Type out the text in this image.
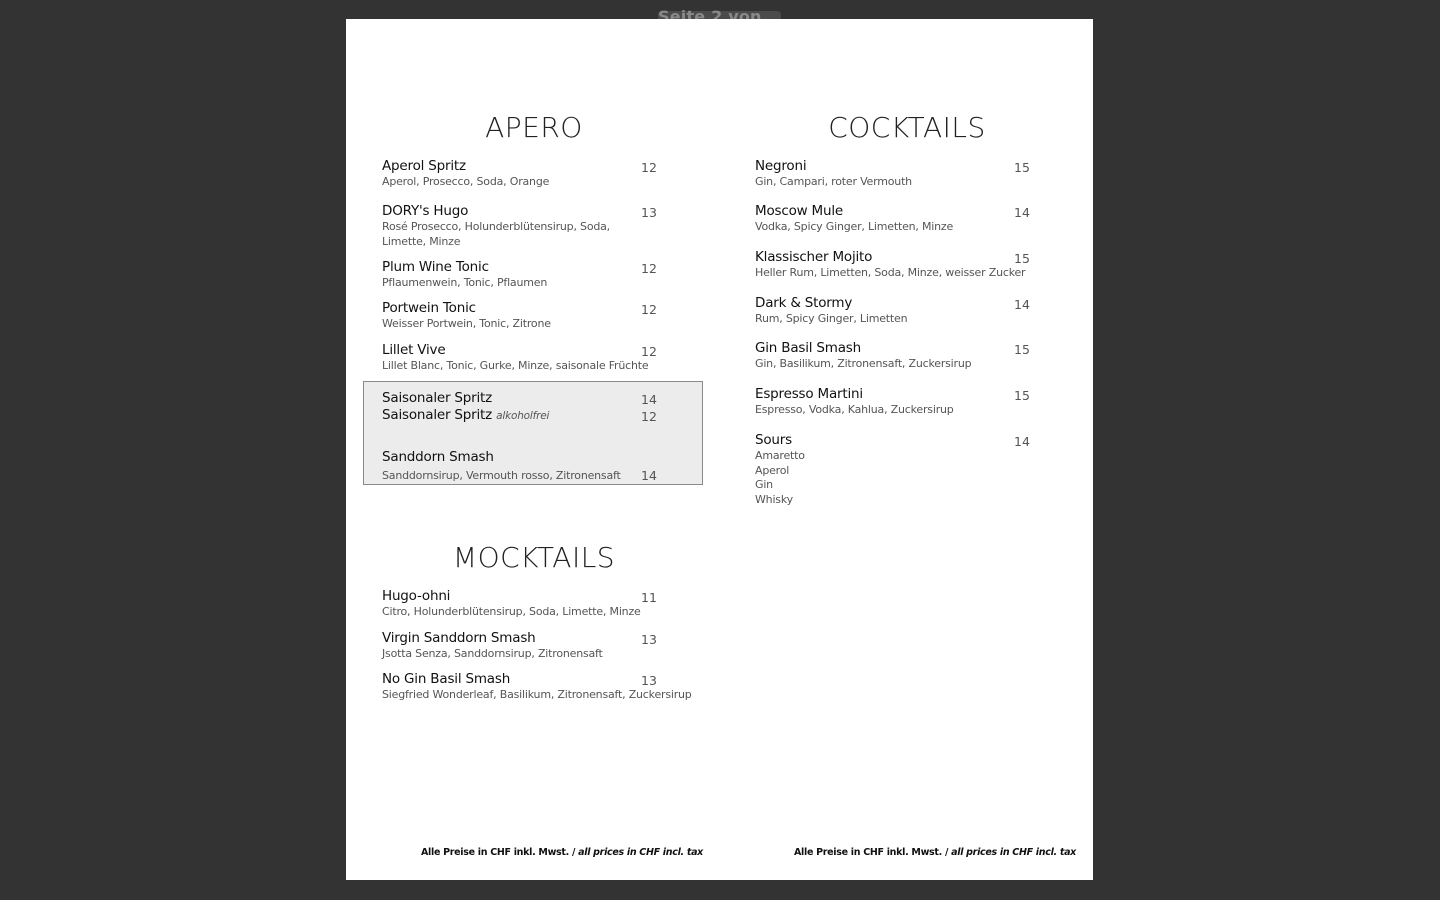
Seite 2 von 13
APERO
Aperol Spritz
Aperol, Prosecco, Soda, Orange
12
DORY's Hugo
Rosé Prosecco, Holunderblütensirup, Soda, Limette, Minze
13
Plum Wine Tonic
Pflaumenwein, Tonic, Pflaumen
12
Portwein Tonic
Weisser Portwein, Tonic, Zitrone
12
Lillet Vive
Lillet Blanc, Tonic, Gurke, Minze, saisonale Früchte
12
Saisonaler Spritz	14
Saisonaler Spritz alkoholfrei	12
Sanddorn Smash
Sanddornsirup, Vermouth rosso, Zitronensaft	14
MOCKTAILS
Hugo-ohni
Citro, Holunderblütensirup, Soda, Limette, Minze
11
Virgin Sanddorn Smash
Jsotta Senza, Sanddornsirup, Zitronensaft
13
No Gin Basil Smash
Siegfried Wonderleaf, Basilikum, Zitronensaft, Zuckersirup
13
COCKTAILS
Negroni
Gin, Campari, roter Vermouth
15
Moscow Mule
Vodka, Spicy Ginger, Limetten, Minze
14
Klassischer Mojito
Heller Rum, Limetten, Soda, Minze, weisser Zucker
15
Dark & Stormy
Rum, Spicy Ginger, Limetten
14
Gin Basil Smash
Gin, Basilikum, Zitronensaft, Zuckersirup
15
Espresso Martini
Espresso, Vodka, Kahlua, Zuckersirup
15
Sours
Amaretto
Aperol
Gin
Whisky
14
Alle Preise in CHF inkl. Mwst. / all prices in CHF incl. tax	Alle Preise in CHF inkl. Mwst. / all prices in CHF incl. tax
